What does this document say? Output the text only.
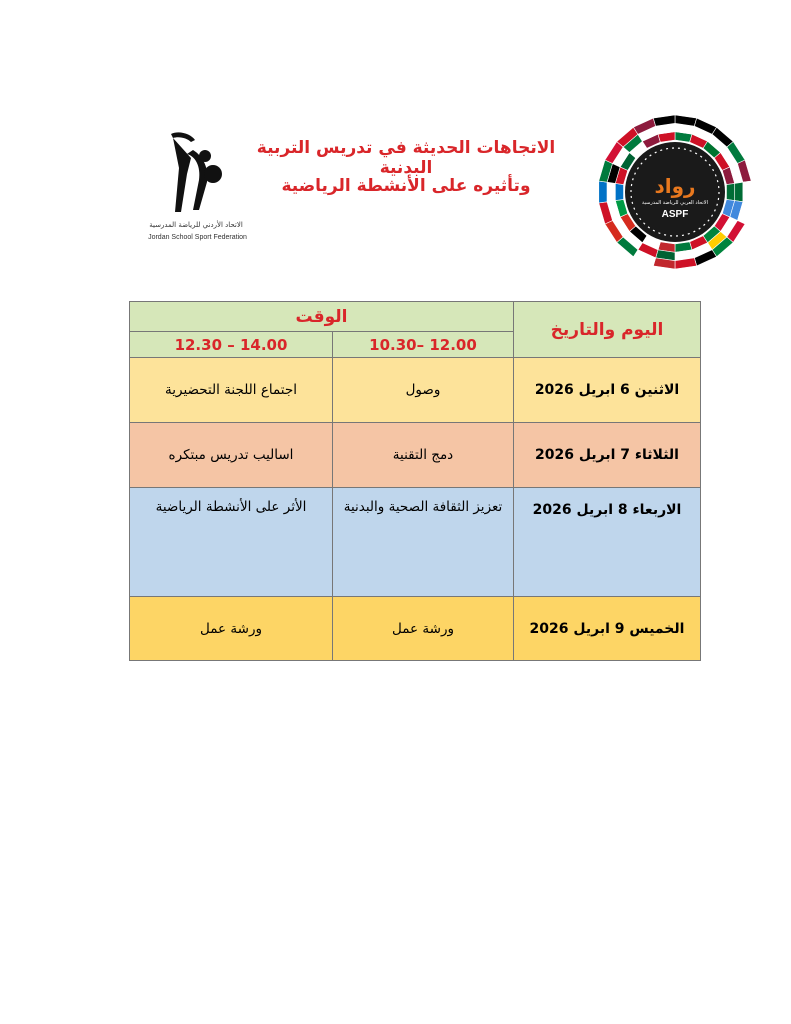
الاتحاد الأردني للرياضة المدرسية
Jordan School Sport Federation
الاتجاهات الحديثة في تدريس التربية البدنية
وتأثيره على الأنشطة الرياضية	رواد
الاتحاد العربي للرياضة المدرسية
ASPF
اليوم والتاريخ	الوقت	
	12.00 –10.30	14.00 – 12.30
الاثنين 6 ابريل 2026	وصول	اجتماع اللجنة التحضيرية
الثلاثاء 7 ابريل 2026	دمج التقنية	اساليب تدريس مبتكره
الاربعاء 8 ابريل 2026	تعزيز الثقافة الصحية والبدنية	الأثر على الأنشطة الرياضية
الخميس 9 ابريل 2026	ورشة عمل	ورشة عمل
